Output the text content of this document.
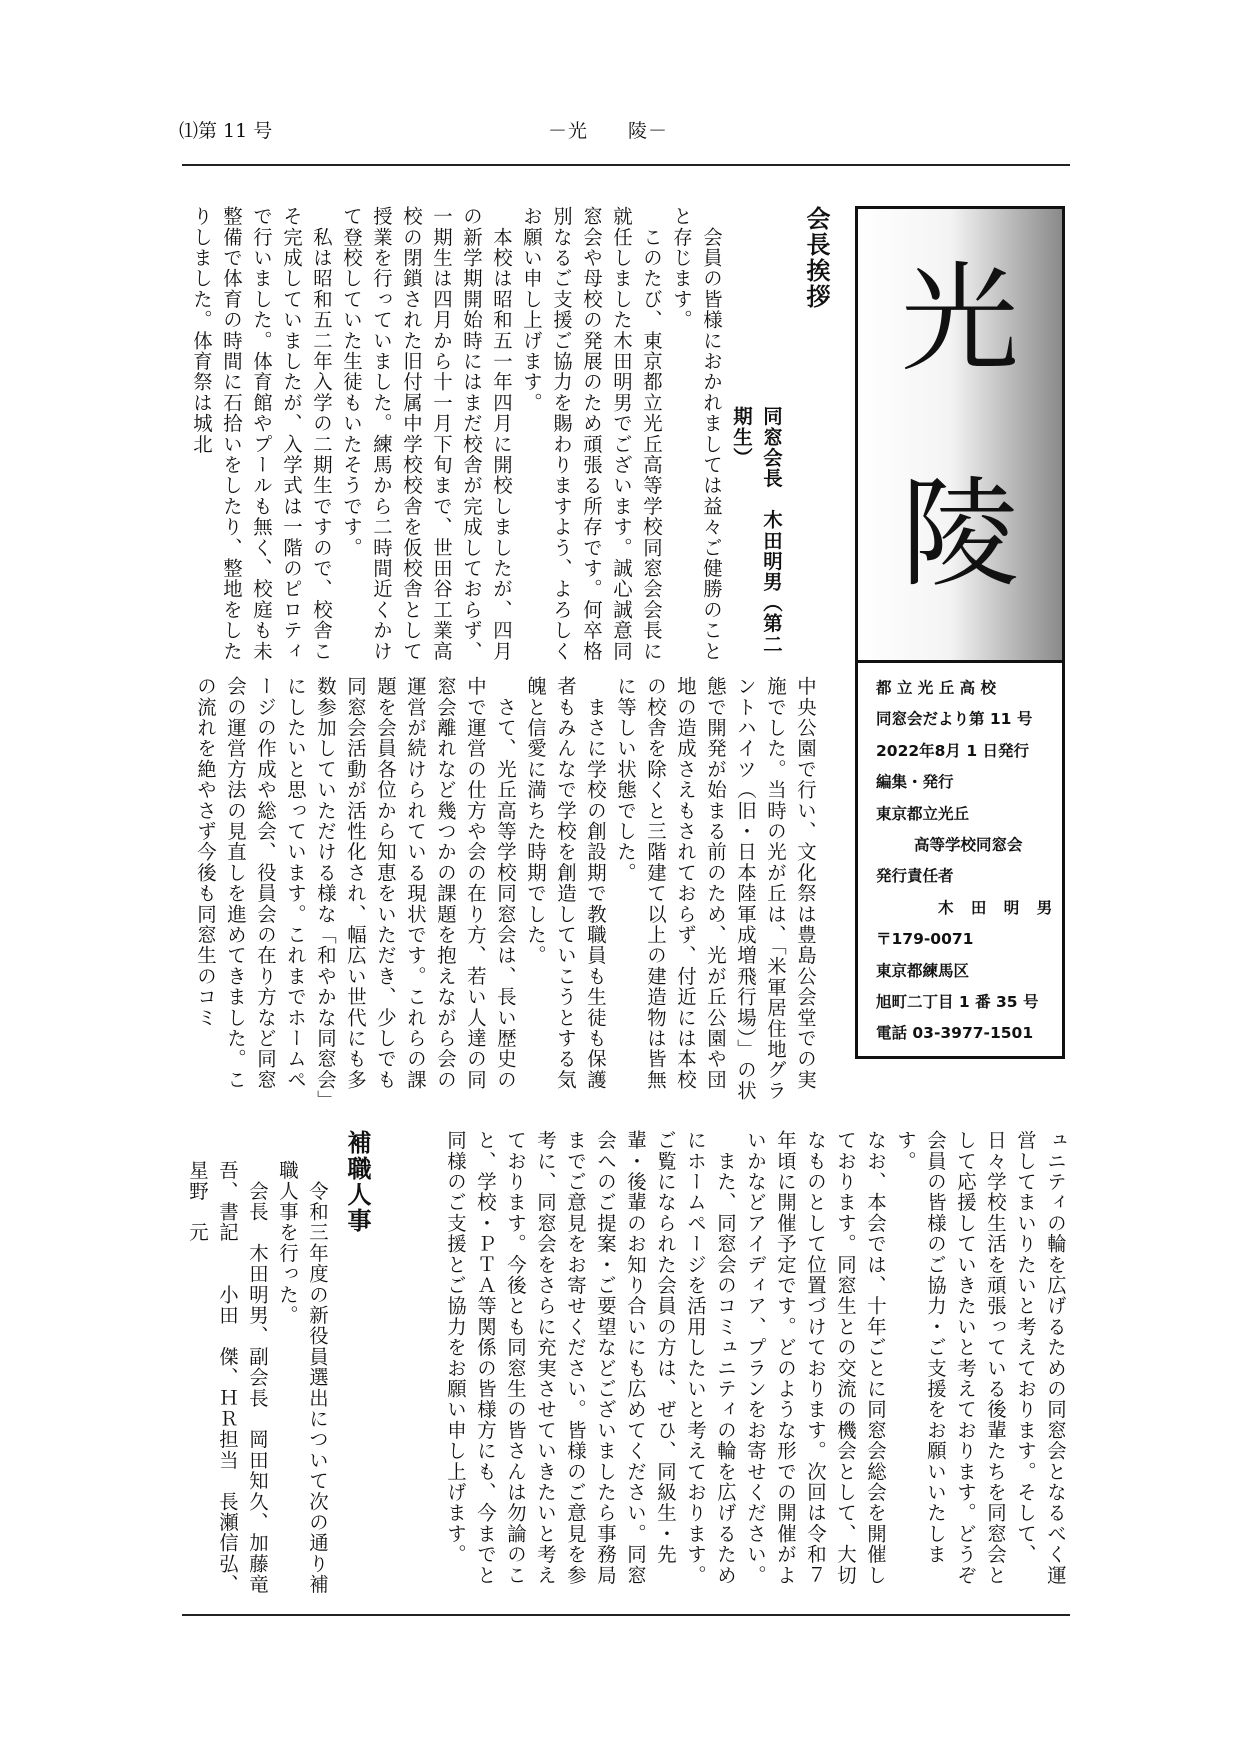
⑴第 11 号	－光　　陵－
会長挨拶

同窓会長　木田明男（第二期生）

　会員の皆様におかれましては益々ご健勝のことと存じます。

　このたび、東京都立光丘高等学校同窓会会長に就任しました木田明男でございます。誠心誠意同窓会や母校の発展のため頑張る所存です。何卒格別なるご支援ご協力を賜わりますよう、よろしくお願い申し上げます。

　本校は昭和五一年四月に開校しましたが、四月の新学期開始時にはまだ校舎が完成しておらず、一期生は四月から十一月下旬まで、世田谷工業高校の閉鎖された旧付属中学校校舎を仮校舎として授業を行っていました。練馬から二時間近くかけて登校していた生徒もいたそうです。

　私は昭和五二年入学の二期生ですので、校舎こそ完成していましたが、入学式は一階のピロティで行いました。体育館やプールも無く、校庭も未整備で体育の時間に石拾いをしたり、整地をしたりしました。体育祭は城北	光
陵
都 立 光 丘 高 校
同窓会だより第 11 号
2022年8月 1 日発行
編集・発行
東京都立光丘
高等学校同窓会
発行責任者
木 田 明 男
〒179-0071
東京都練馬区
旭町二丁目 1 番 35 号
電話 03-3977-1501

中央公園で行い、文化祭は豊島公会堂での実施でした。当時の光が丘は、「米軍居住地グラントハイツ（旧・日本陸軍成増飛行場）」の状態で開発が始まる前のため、光が丘公園や団地の造成さえもされておらず、付近には本校の校舎を除くと三階建て以上の建造物は皆無に等しい状態でした。

　まさに学校の創設期で教職員も生徒も保護者もみんなで学校を創造していこうとする気魄と信愛に満ちた時期でした。

　さて、光丘高等学校同窓会は、長い歴史の中で運営の仕方や会の在り方、若い人達の同窓会離れなど幾つかの課題を抱えながら会の運営が続けられている現状です。これらの課題を会員各位から知恵をいただき、少しでも同窓会活動が活性化され、幅広い世代にも多数参加していただける様な「和やかな同窓会」にしたいと思っています。これまでホームページの作成や総会、役員会の在り方など同窓会の運営方法の見直しを進めてきました。この流れを絶やさず今後も同窓生のコミ

ュニティの輪を広げるための同窓会となるべく運営してまいりたいと考えております。そして、日々学校生活を頑張っている後輩たちを同窓会として応援していきたいと考えております。どうぞ会員の皆様のご協力・ご支援をお願いいたします。

なお、本会では、十年ごとに同窓会総会を開催しております。同窓生との交流の機会として、大切なものとして位置づけております。次回は令和７年頃に開催予定です。どのような形での開催がよいかなどアイディア、プランをお寄せください。

　また、同窓会のコミュニティの輪を広げるためにホームページを活用したいと考えております。ご覧になられた会員の方は、ぜひ、同級生・先輩・後輩のお知り合いにも広めてください。同窓会へのご提案・ご要望などございましたら事務局までご意見をお寄せください。皆様のご意見を参考に、同窓会をさらに充実させていきたいと考えております。今後とも同窓生の皆さんは勿論のこと、学校・ＰＴＡ等関係の皆様方にも、今までと同様のご支援とご協力をお願い申し上げます。

補職人事

　令和三年度の新役員選出について次の通り補職人事を行った。

　会長　木田明男、副会長　岡田知久、加藤竜吾、書記　　小田　傑、ＨＲ担当　長瀬信弘、星野　元
